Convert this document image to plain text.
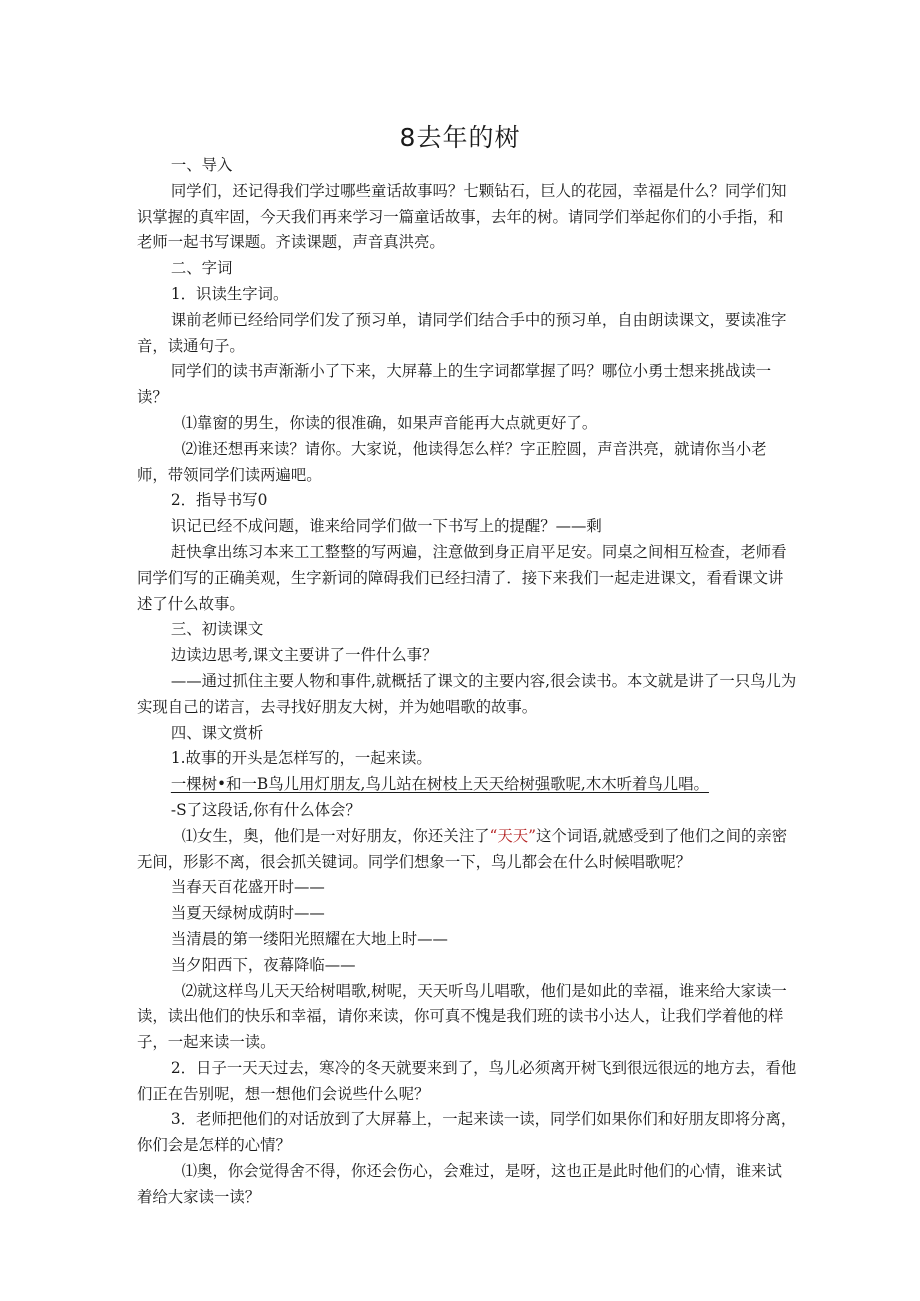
8去年的树

一、导入

同学们，还记得我们学过哪些童话故事吗？七颗钻石，巨人的花园，幸福是什么？同学们知识掌握的真牢固，今天我们再来学习一篇童话故事，去年的树。请同学们举起你们的小手指，和老师一起书写课题。齐读课题，声音真洪亮。

二、字词

1．识读生字词。

课前老师已经给同学们发了预习单，请同学们结合手中的预习单，自由朗读课文，要读准字音，读通句子。

同学们的读书声渐渐小了下来，大屏幕上的生字词都掌握了吗？哪位小勇士想来挑战读一读？

⑴靠窗的男生，你读的很准确，如果声音能再大点就更好了。

⑵谁还想再来读？请你。大家说，他读得怎么样？字正腔圆，声音洪亮，就请你当小老师，带领同学们读两遍吧。

2．指导书写0

识记已经不成问题，谁来给同学们做一下书写上的提醒？——剩

赶快拿出练习本来工工整整的写两遍，注意做到身正肩平足安。同桌之间相互检查，老师看同学们写的正确美观，生字新词的障碍我们已经扫清了．接下来我们一起走进课文，看看课文讲述了什么故事。

三、初读课文

边读边思考,课文主要讲了一件什么事？

——通过抓住主要人物和事件,就概括了课文的主要内容,很会读书。本文就是讲了一只鸟儿为实现自己的诺言，去寻找好朋友大树，并为她唱歌的故事。

四、课文赏析

1.故事的开头是怎样写的，一起来读。

一棵树•和一B鸟儿用灯朋友,鸟儿站在树枝上天天给树强歌呢,木木听着鸟儿唱。

-S了这段话,你有什么体会？

⑴女生，奥，他们是一对好朋友，你还关注了“天天”这个词语,就感受到了他们之间的亲密无间，形影不离，很会抓关键词。同学们想象一下，鸟儿都会在什么时候唱歌呢？

当春天百花盛开时——

当夏天绿树成荫时——

当清晨的第一缕阳光照耀在大地上时——

当夕阳西下，夜幕降临——

⑵就这样鸟儿天天给树唱歌,树呢，天天听鸟儿唱歌，他们是如此的幸福，谁来给大家读一读，读出他们的快乐和幸福，请你来读，你可真不愧是我们班的读书小达人，让我们学着他的样子，一起来读一读。

2．日子一天天过去，寒冷的冬天就要来到了，鸟儿必须离开树飞到很远很远的地方去，看他们正在告别呢，想一想他们会说些什么呢？

3．老师把他们的对话放到了大屏幕上，一起来读一读，同学们如果你们和好朋友即将分离，你们会是怎样的心情？

⑴奥，你会觉得舍不得，你还会伤心，会难过，是呀，这也正是此时他们的心情，谁来试着给大家读一读？
